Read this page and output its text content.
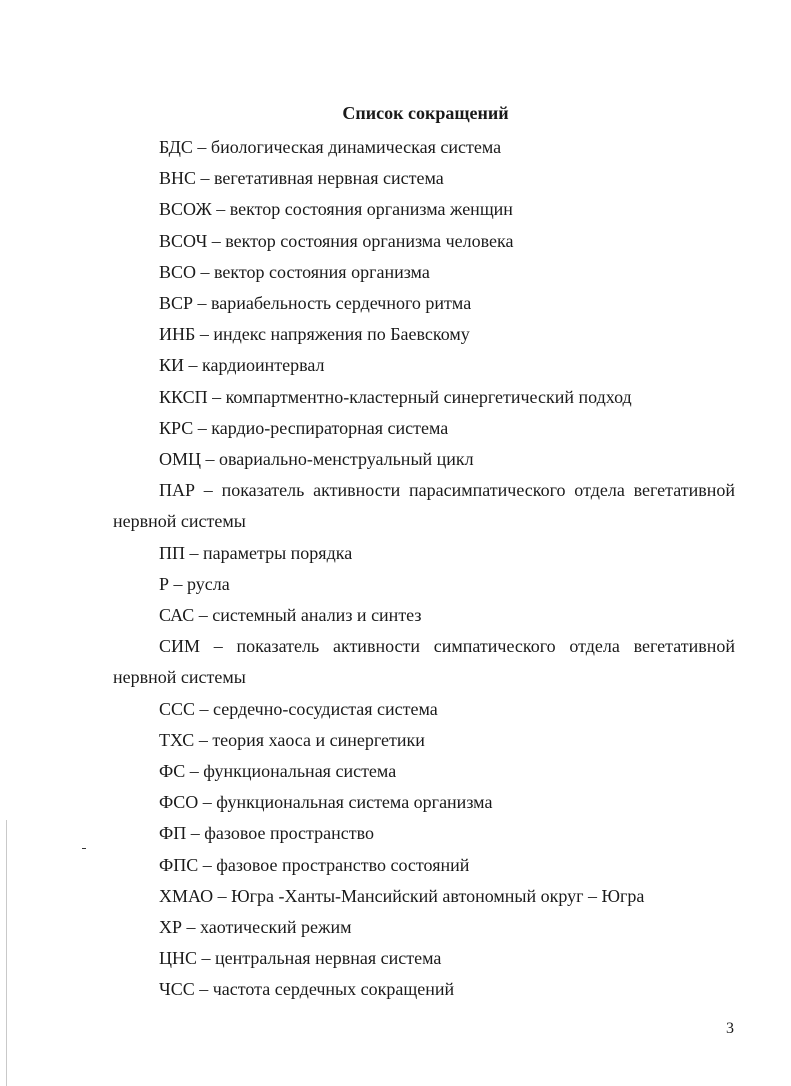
Список сокращений

БДС – биологическая динамическая система

ВНС – вегетативная нервная система

ВСОЖ – вектор состояния организма женщин

ВСОЧ – вектор состояния организма человека

ВСО – вектор состояния организма

ВСР – вариабельность сердечного ритма

ИНБ – индекс напряжения по Баевскому

КИ – кардиоинтервал

ККСП – компартментно-кластерный синергетический подход

КРС – кардио-респираторная система

ОМЦ – овариально-менструальный цикл

ПАР – показатель активности парасимпатического отдела вегетативной нервной системы

ПП – параметры порядка

Р – русла

САС – системный анализ и синтез

СИМ – показатель активности симпатического отдела вегетативной нервной системы

ССС – сердечно-сосудистая система

ТХС – теория хаоса и синергетики

ФС – функциональная система

ФСО – функциональная система организма

ФП – фазовое пространство

ФПС – фазовое пространство состояний

ХМАО – Югра -Ханты-Мансийский автономный округ – Югра

ХР – хаотический режим

ЦНС – центральная нервная система

ЧСС – частота сердечных сокращений

3
